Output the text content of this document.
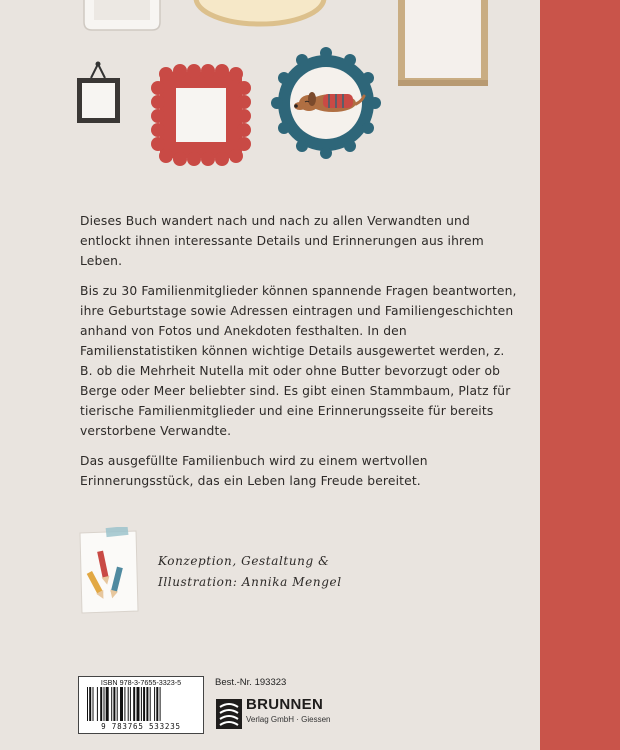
Dieses Buch wandert nach und nach zu allen Verwandten und entlockt ihnen interessante Details und Erinnerungen aus ihrem Leben.

Bis zu 30 Familienmitglieder können spannende Fragen beantworten, ihre Geburtstage sowie Adressen eintragen und Familiengeschichten anhand von Fotos und Anekdoten festhalten. In den Familienstatistiken können wichtige Details ausgewertet werden, z. B. ob die Mehrheit Nutella mit oder ohne Butter bevorzugt oder ob Berge oder Meer beliebter sind. Es gibt einen Stammbaum, Platz für tierische Familienmitglieder und eine Erinnerungsseite für bereits verstorbene Verwandte.

Das ausgefüllte Familienbuch wird zu einem wertvollen Erinnerungsstück, das ein Leben lang Freude bereitet.

Konzeption, Gestaltung &
Illustration: Annika Mengel
ISBN 978-3-7655-3323-5
9 783765 533235
Best.-Nr. 193323
BRUNNEN
Verlag GmbH · Giessen
